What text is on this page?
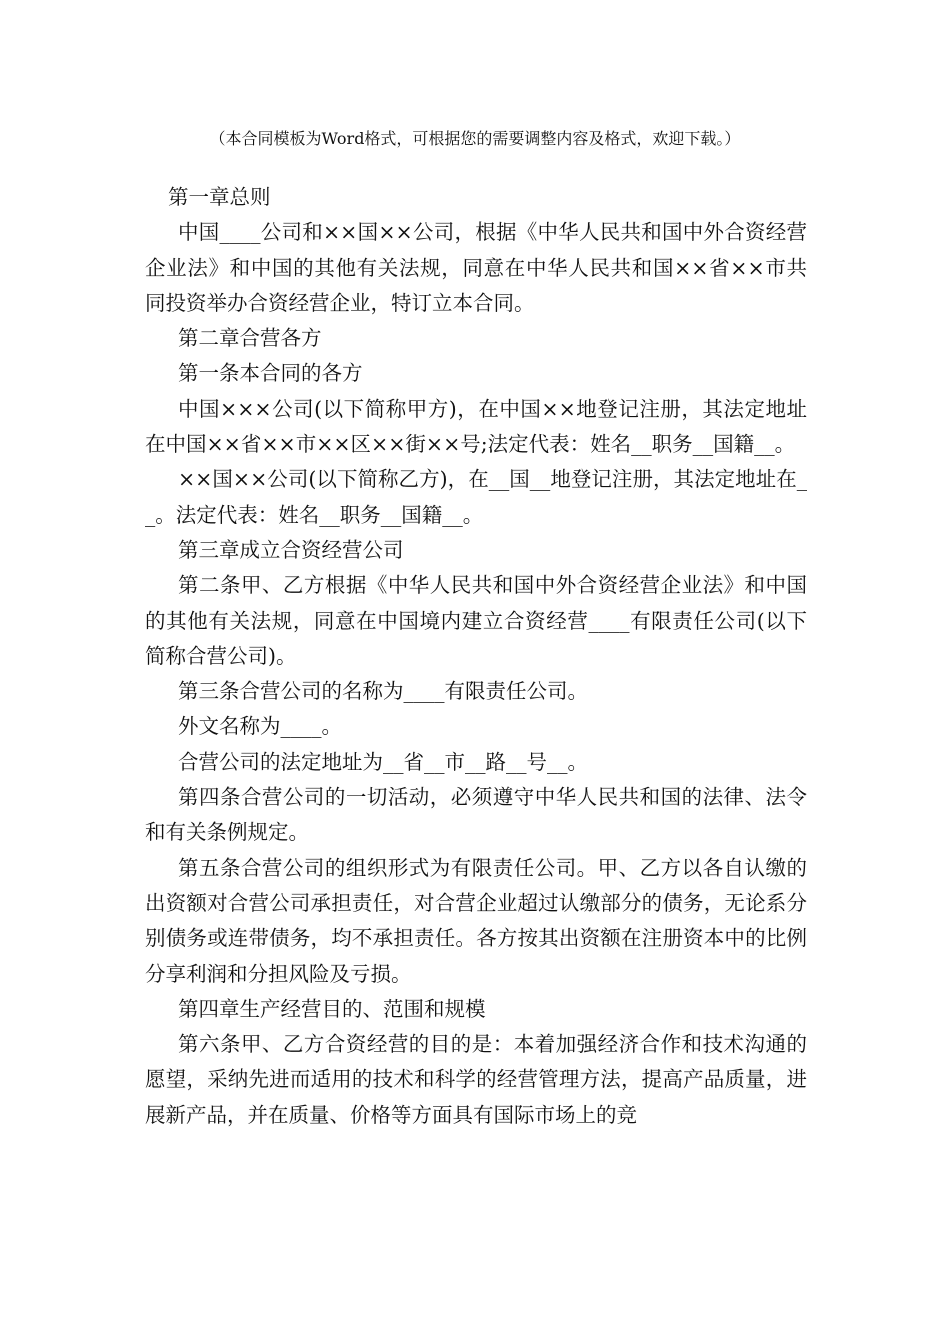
（本合同模板为Word格式，可根据您的需要调整内容及格式，欢迎下载。）

第一章总则

中国____公司和××国××公司，根据《中华人民共和国中外合资经营企业法》和中国的其他有关法规，同意在中华人民共和国××省××市共同投资举办合资经营企业，特订立本合同。

第二章合营各方

第一条本合同的各方

中国×××公司(以下简称甲方)，在中国××地登记注册，其法定地址在中国××省××市××区××街××号;法定代表：姓名__职务__国籍__。

××国××公司(以下简称乙方)，在__国__地登记注册，其法定地址在__。法定代表：姓名__职务__国籍__。

第三章成立合资经营公司

第二条甲、乙方根据《中华人民共和国中外合资经营企业法》和中国的其他有关法规，同意在中国境内建立合资经营____有限责任公司(以下简称合营公司)。

第三条合营公司的名称为____有限责任公司。

外文名称为____。

合营公司的法定地址为__省__市__路__号__。

第四条合营公司的一切活动，必须遵守中华人民共和国的法律、法令和有关条例规定。

第五条合营公司的组织形式为有限责任公司。甲、乙方以各自认缴的出资额对合营公司承担责任，对合营企业超过认缴部分的债务，无论系分别债务或连带债务，均不承担责任。各方按其出资额在注册资本中的比例分享利润和分担风险及亏损。

第四章生产经营目的、范围和规模

第六条甲、乙方合资经营的目的是：本着加强经济合作和技术沟通的愿望，采纳先进而适用的技术和科学的经营管理方法，提高产品质量，进展新产品，并在质量、价格等方面具有国际市场上的竞
